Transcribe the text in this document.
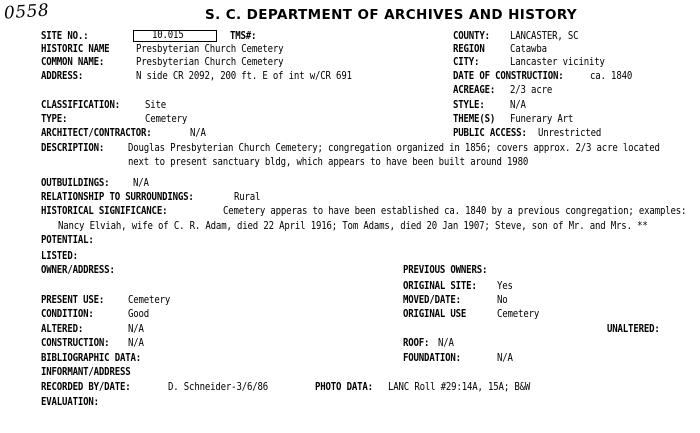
0558	S. C. DEPARTMENT OF ARCHIVES AND HISTORY
SITE NO.:	10.015	TMS#:	COUNTY: LANCASTER, SC
HISTORIC NAME	Presbyterian Church Cemetery	REGION Catawba
COMMON NAME:	Presbyterian Church Cemetery	CITY:	Lancaster vicinity
ADDRESS:	N side CR 2092, 200 ft. E of int w/CR 691	DATE OF CONSTRUCTION:	ca. 1840
ACREAGE: 2/3 acre
CLASSIFICATION: Site	STYLE: N/A
TYPE:	Cemetery	THEME(S) Funerary Art
ARCHITECT/CONTRACTOR:	N/A	PUBLIC ACCESS: Unrestricted
DESCRIPTION: Douglas Presbyterian Church Cemetery; congregation organized in 1856; covers approx. 2/3 acre located
next to present sanctuary bldg, which appears to have been built around 1980
OUTBUILDINGS: N/A
RELATIONSHIP TO SURROUNDINGS:	Rural
HISTORICAL SIGNIFICANCE:	Cemetery apperas to have been established ca. 1840 by a previous congregation; examples:
Nancy Elviah, wife of C. R. Adam, died 22 April 1916; Tom Adams, died 20 Jan 1907; Steve, son of Mr. and Mrs. **
POTENTIAL:
LISTED:
OWNER/ADDRESS:	PREVIOUS OWNERS:
ORIGINAL SITE: Yes
PRESENT USE: Cemetery	MOVED/DATE:	No
CONDITION:	Good	ORIGINAL USE	Cemetery
ALTERED:	N/A	UNALTERED:
CONSTRUCTION: N/A	ROOF: N/A
BIBLIOGRAPHIC DATA:	FOUNDATION:	N/A
INFORMANT/ADDRESS
RECORDED BY/DATE:	D. Schneider-3/6/86	PHOTO DATA: LANC Roll #29:14A, 15A; B&W
EVALUATION:
